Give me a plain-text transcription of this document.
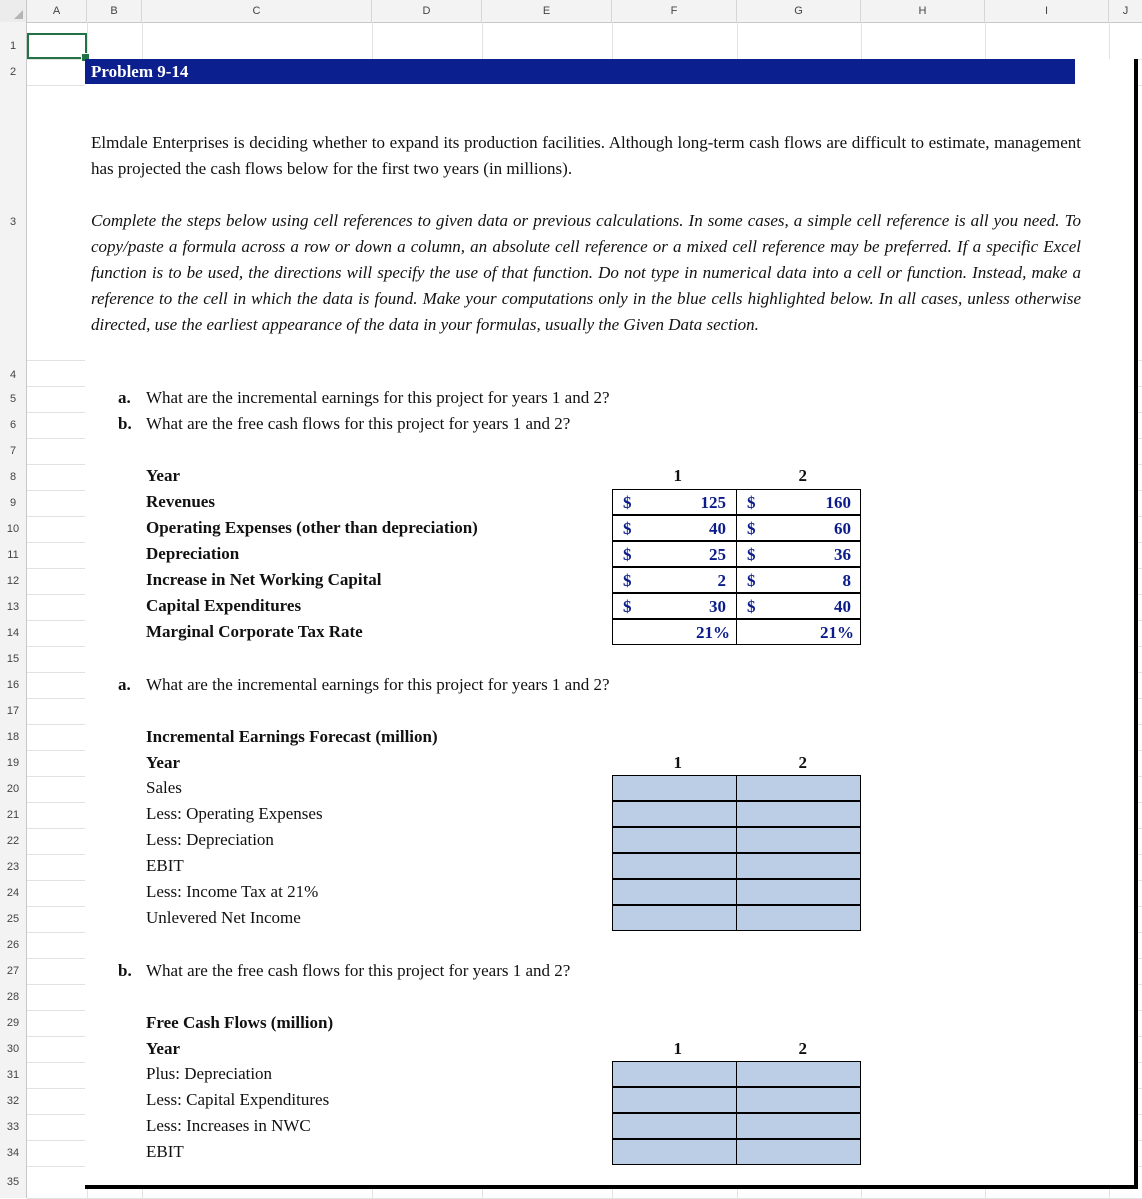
A	B	C	D	E	F	G	H	I	J
1
2
3
4
5
6
7
8
9
10
11
12
13
14
15
16
17
18
19
20
21
22
23
24
25
26
27
28
29
30
31
32
33
34
35
Problem 9-14
Elmdale Enterprises is deciding whether to expand its production facilities. Although long-term cash flows are difficult to estimate, management has projected the cash flows below for the first two years (in millions).
Complete the steps below using cell references to given data or previous calculations. In some cases, a simple cell reference is all you need. To copy/paste a formula across a row or down a column, an absolute cell reference or a mixed cell reference may be preferred. If a specific Excel function is to be used, the directions will specify the use of that function. Do not type in numerical data into a cell or function. Instead, make a reference to the cell in which the data is found. Make your computations only in the blue cells highlighted below. In all cases, unless otherwise directed, use the earliest appearance of the data in your formulas, usually the Given Data section.
a. What are the incremental earnings for this project for years 1 and 2?
b. What are the free cash flows for this project for years 1 and 2?
Year	1	2
Revenues	$	125 $	160
Operating Expenses (other than depreciation)	$	40 $	60
Depreciation	$	25 $	36
Increase in Net Working Capital	$	2 $	8
Capital Expenditures	$	30 $	40
Marginal Corporate Tax Rate	21%	21%
a. What are the incremental earnings for this project for years 1 and 2?
Incremental Earnings Forecast (million)
Year	1	2
Sales
Less: Operating Expenses
Less: Depreciation
EBIT
Less: Income Tax at 21%
Unlevered Net Income
b. What are the free cash flows for this project for years 1 and 2?
Free Cash Flows (million)
Year	1	2
Plus: Depreciation
Less: Capital Expenditures
Less: Increases in NWC
EBIT
